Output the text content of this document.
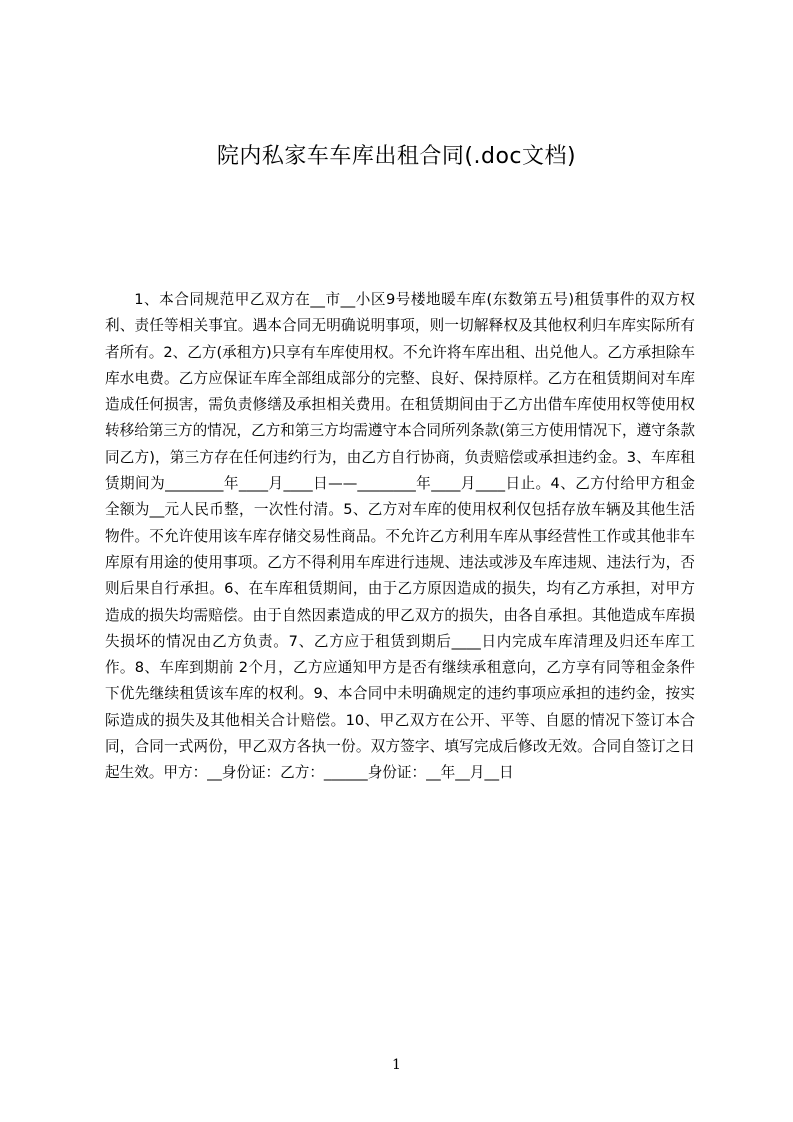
院内私家车车库出租合同(.doc文档)

1、本合同规范甲乙双方在__市__小区9号楼地暖车库(东数第五号)租赁事件的双方权利、责任等相关事宜。遇本合同无明确说明事项，则一切解释权及其他权利归车库实际所有者所有。2、乙方(承租方)只享有车库使用权。不允许将车库出租、出兑他人。乙方承担除车库水电费。乙方应保证车库全部组成部分的完整、良好、保持原样。乙方在租赁期间对车库造成任何损害，需负责修缮及承担相关费用。在租赁期间由于乙方出借车库使用权等使用权转移给第三方的情况，乙方和第三方均需遵守本合同所列条款(第三方使用情况下，遵守条款同乙方)，第三方存在任何违约行为，由乙方自行协商，负责赔偿或承担违约金。3、车库租赁期间为________年____月____日——________年____月____日止。4、乙方付给甲方租金全额为__元人民币整，一次性付清。5、乙方对车库的使用权利仅包括存放车辆及其他生活物件。不允许使用该车库存储交易性商品。不允许乙方利用车库从事经营性工作或其他非车库原有用途的使用事项。乙方不得利用车库进行违规、违法或涉及车库违规、违法行为，否则后果自行承担。6、在车库租赁期间，由于乙方原因造成的损失，均有乙方承担，对甲方造成的损失均需赔偿。由于自然因素造成的甲乙双方的损失，由各自承担。其他造成车库损失损坏的情况由乙方负责。7、乙方应于租赁到期后____日内完成车库清理及归还车库工作。8、车库到期前 2个月，乙方应通知甲方是否有继续承租意向，乙方享有同等租金条件下优先继续租赁该车库的权利。9、本合同中未明确规定的违约事项应承担的违约金，按实际造成的损失及其他相关合计赔偿。10、甲乙双方在公开、平等、自愿的情况下签订本合同，合同一式两份，甲乙双方各执一份。双方签字、填写完成后修改无效。合同自签订之日起生效。甲方：__身份证：乙方：______身份证：__年__月__日

1
